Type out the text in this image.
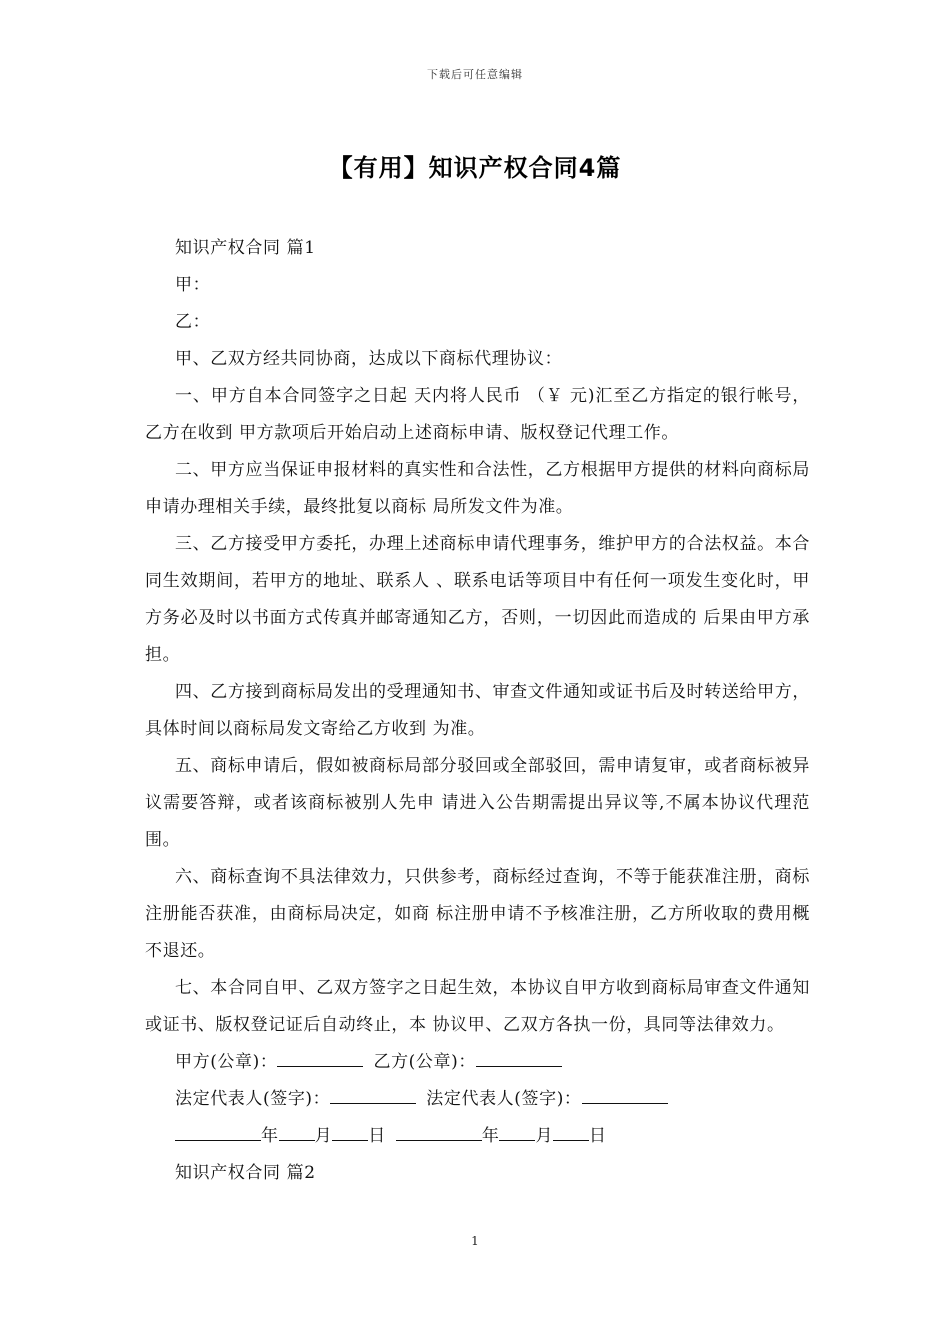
下载后可任意编辑
【有用】知识产权合同4篇
知识产权合同 篇1
甲：
乙：
甲、乙双方经共同协商，达成以下商标代理协议：
一、甲方自本合同签字之日起 天内将人民币 （￥ 元)汇至乙方指定的银行帐号，乙方在收到 甲方款项后开始启动上述商标申请、版权登记代理工作。
二、甲方应当保证申报材料的真实性和合法性，乙方根据甲方提供的材料向商标局申请办理相关手续，最终批复以商标 局所发文件为准。
三、乙方接受甲方委托，办理上述商标申请代理事务，维护甲方的合法权益。本合同生效期间，若甲方的地址、联系人 、联系电话等项目中有任何一项发生变化时，甲方务必及时以书面方式传真并邮寄通知乙方，否则，一切因此而造成的 后果由甲方承担。
四、乙方接到商标局发出的受理通知书、审查文件通知或证书后及时转送给甲方，具体时间以商标局发文寄给乙方收到 为准。
五、商标申请后，假如被商标局部分驳回或全部驳回，需申请复审，或者商标被异议需要答辩，或者该商标被别人先申 请进入公告期需提出异议等,不属本协议代理范围。
六、商标查询不具法律效力，只供参考，商标经过查询，不等于能获准注册，商标注册能否获准，由商标局决定，如商 标注册申请不予核准注册，乙方所收取的费用概不退还。
七、本合同自甲、乙双方签字之日起生效，本协议自甲方收到商标局审查文件通知或证书、版权登记证后自动终止，本 协议甲、乙双方各执一份，具同等法律效力。
甲方(公章)：	乙方(公章)：
法定代表人(签字)：	法定代表人(签字)：
年 月 日	年 月 日
知识产权合同 篇2
1
